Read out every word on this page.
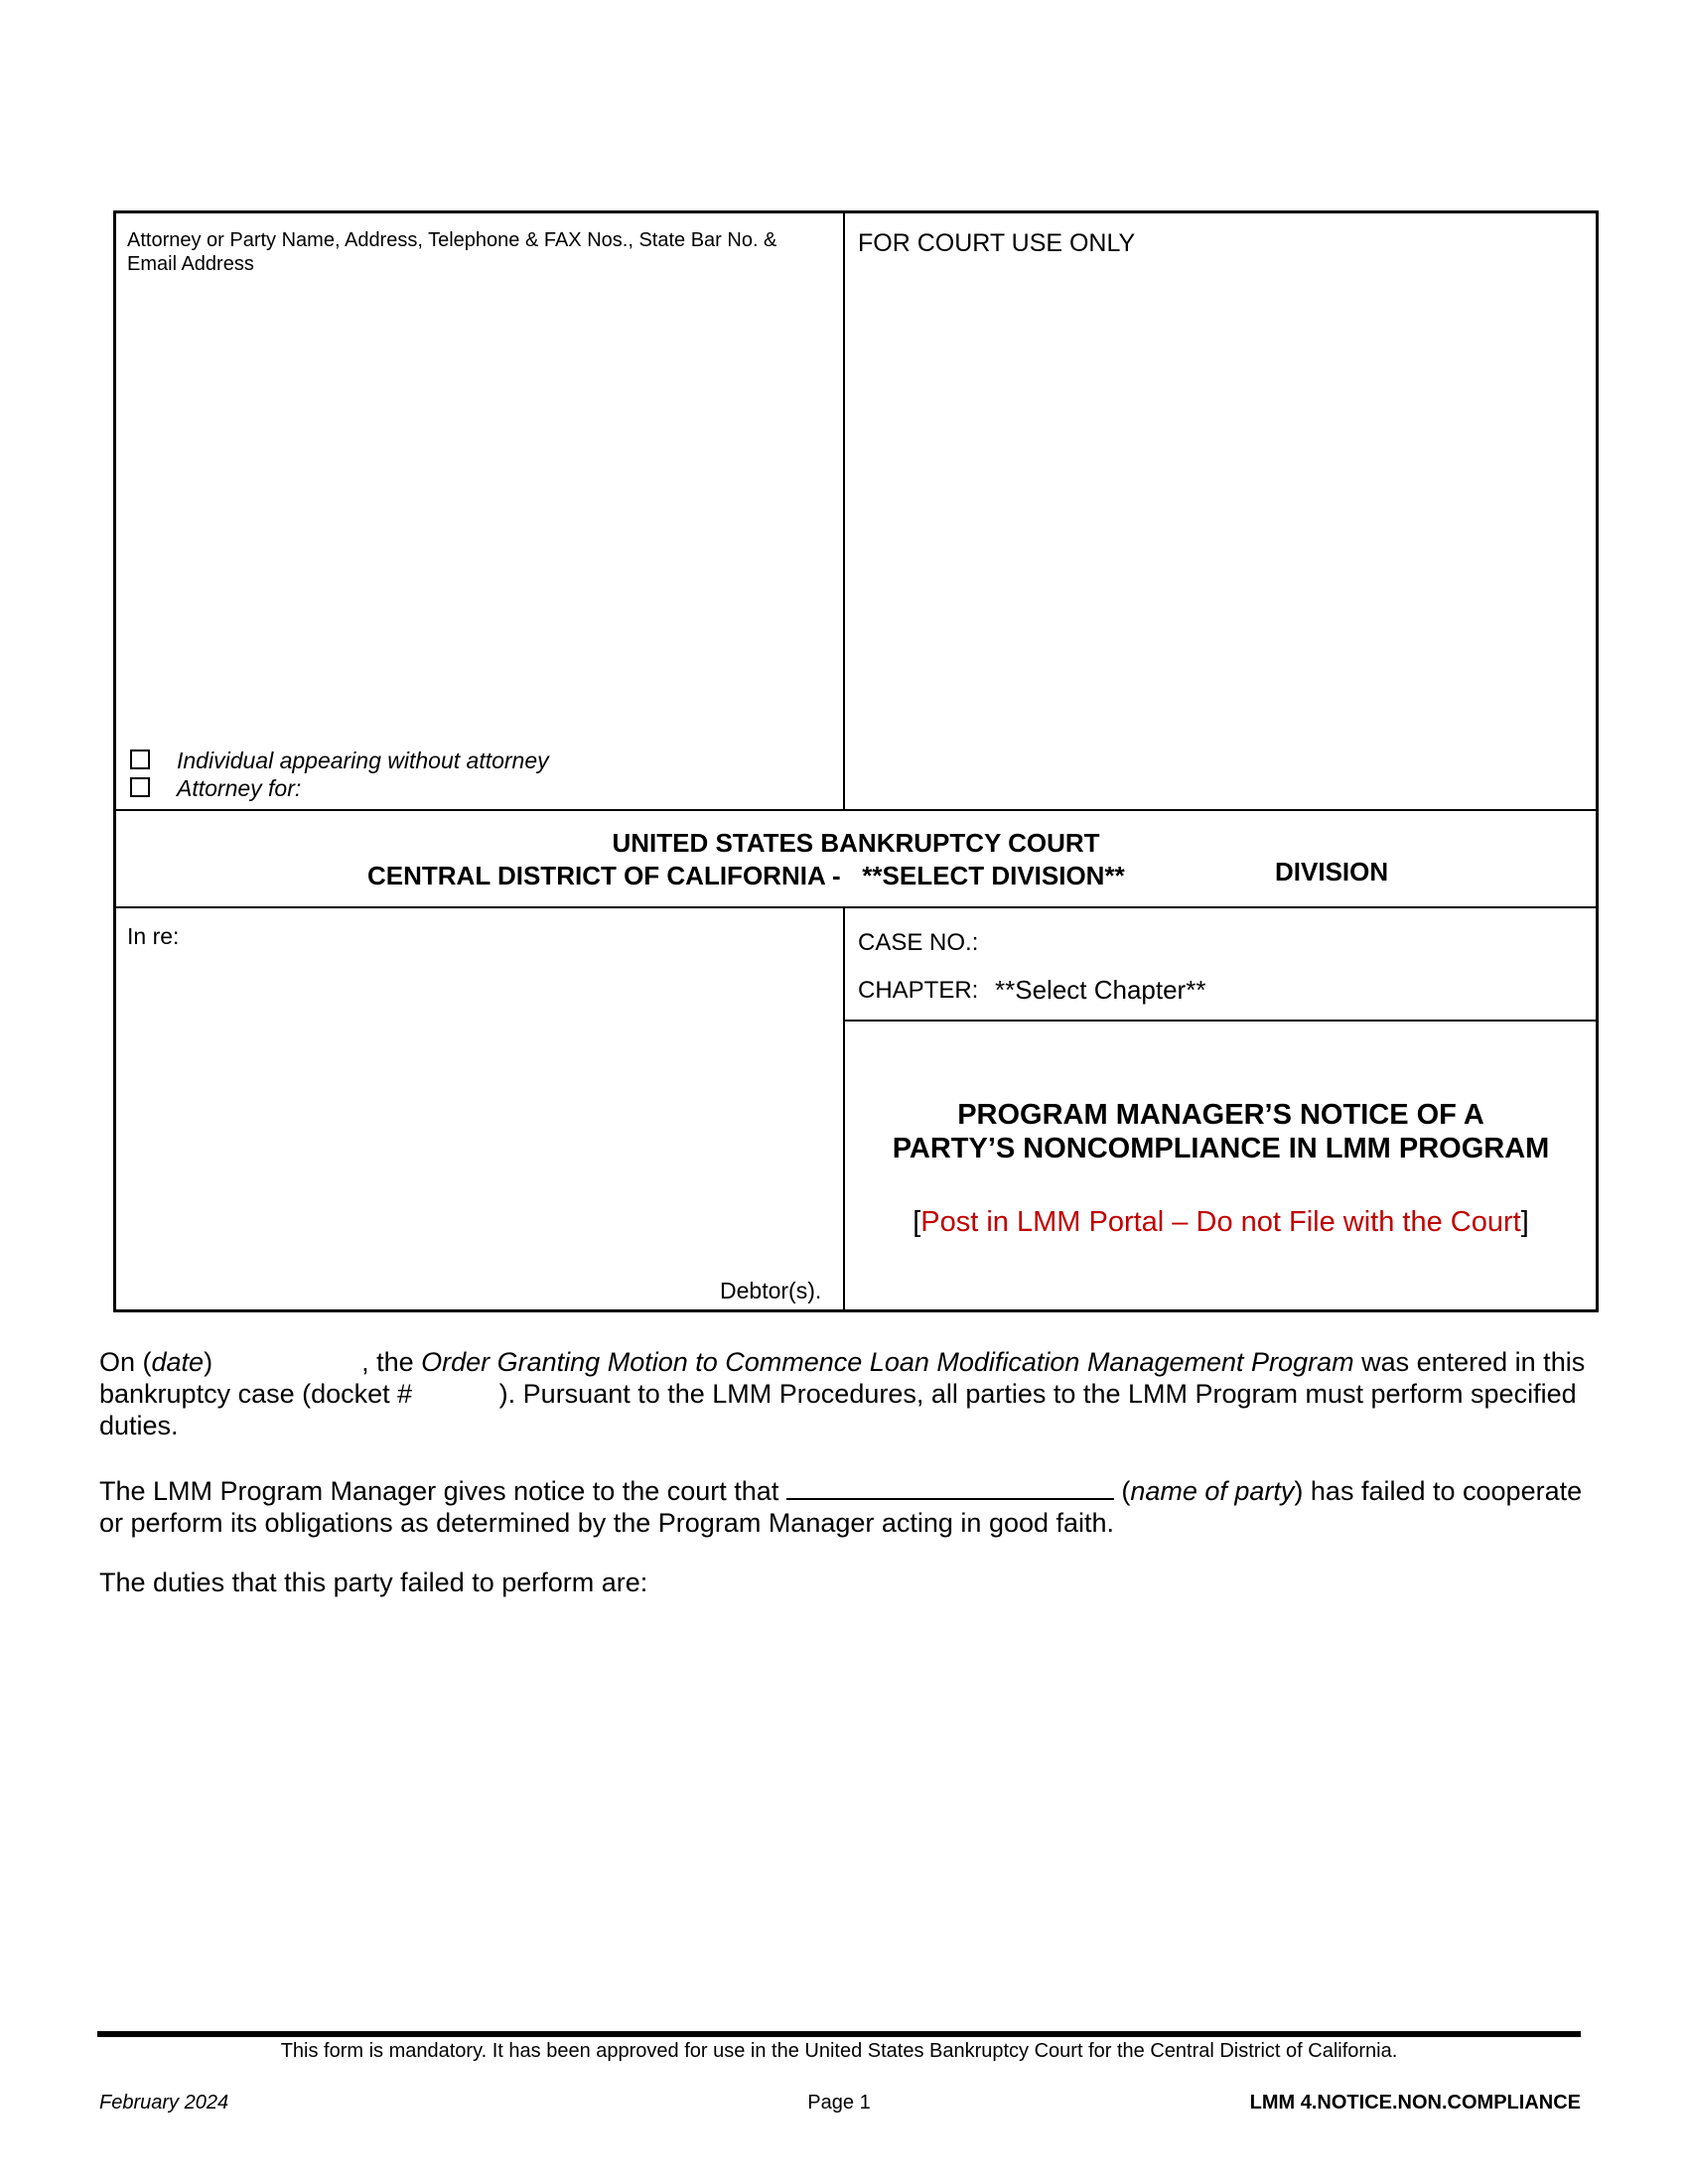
Attorney or Party Name, Address, Telephone & FAX Nos., State Bar No. & Email Address
Individual appearing without attorney
Attorney for:
FOR COURT USE ONLY
UNITED STATES BANKRUPTCY COURT
CENTRAL DISTRICT OF CALIFORNIA -   **SELECT DIVISION**	DIVISION
In re:
Debtor(s).
CASE NO.:
CHAPTER: **Select Chapter**
PROGRAM MANAGER’S NOTICE OF A
PARTY’S NONCOMPLIANCE IN LMM PROGRAM
[Post in LMM Portal – Do not File with the Court]
On (date)	, the Order Granting Motion to Commence Loan Modification Management Program was entered in this bankruptcy case (docket #	). Pursuant to the LMM Procedures, all parties to the LMM Program must perform specified duties.
The LMM Program Manager gives notice to the court that	(name of party) has failed to cooperate or perform its obligations as determined by the Program Manager acting in good faith.
The duties that this party failed to perform are:
This form is mandatory. It has been approved for use in the United States Bankruptcy Court for the Central District of California.
February 2024	Page 1	LMM 4.NOTICE.NON.COMPLIANCE
